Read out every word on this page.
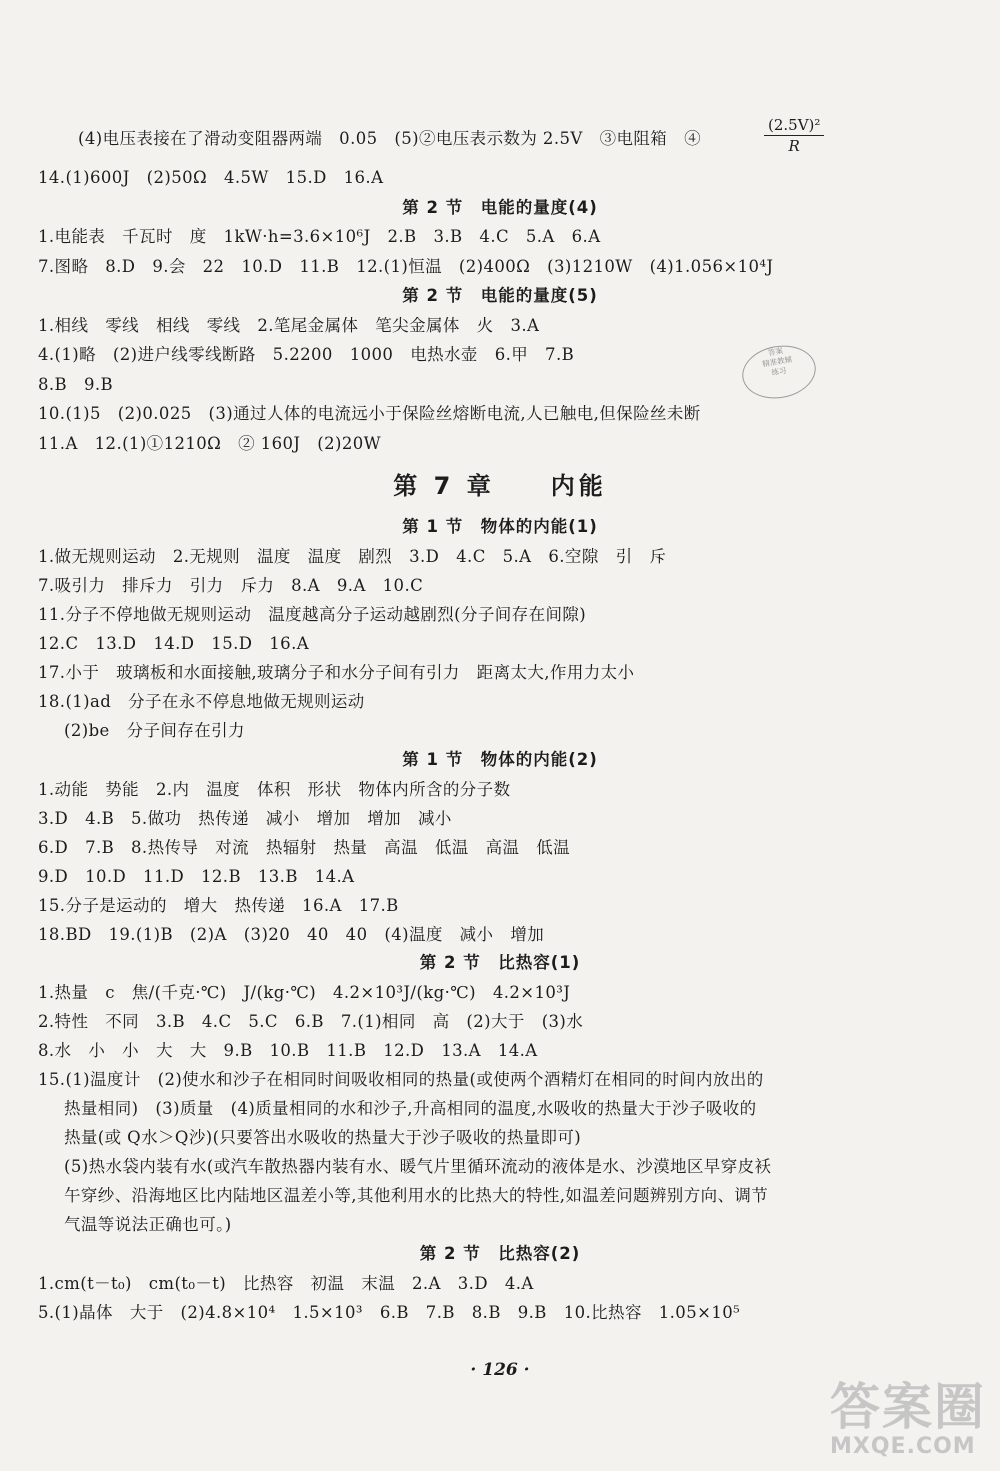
(4)电压表接在了滑动变阻器两端　0.05　(5)②电压表示数为 2.5V　③电阻箱　④	$\frac{\text{(2.5V)²}}{R}$
14.(1)600J　(2)50Ω　4.5W　15.D　16.A
第 2 节　电能的量度(4)
1.电能表　千瓦时　度　1kW·h=3.6×10⁶J　2.B　3.B　4.C　5.A　6.A
7.图略　8.D　9.会　22　10.D　11.B　12.(1)恒温　(2)400Ω　(3)1210W　(4)1.056×10⁴J
第 2 节　电能的量度(5)
1.相线　零线　相线　零线　2.笔尾金属体　笔尖金属体　火　3.A
4.(1)略　(2)进户线零线断路　5.2200　1000　电热水壶　6.甲　7.B
8.B　9.B
10.(1)5　(2)0.025　(3)通过人体的电流远小于保险丝熔断电流,人已触电,但保险丝未断
11.A　12.(1)①1210Ω　② 160J　(2)20W
第 7 章　　内能
第 1 节　物体的内能(1)
1.做无规则运动　2.无规则　温度　温度　剧烈　3.D　4.C　5.A　6.空隙　引　斥
7.吸引力　排斥力　引力　斥力　8.A　9.A　10.C
11.分子不停地做无规则运动　温度越高分子运动越剧烈(分子间存在间隙)
12.C　13.D　14.D　15.D　16.A
17.小于　玻璃板和水面接触,玻璃分子和水分子间有引力　距离太大,作用力太小
18.(1)ad　分子在永不停息地做无规则运动
(2)be　分子间存在引力
第 1 节　物体的内能(2)
1.动能　势能　2.内　温度　体积　形状　物体内所含的分子数
3.D　4.B　5.做功　热传递　减小　增加　增加　减小
6.D　7.B　8.热传导　对流　热辐射　热量　高温　低温　高温　低温
9.D　10.D　11.D　12.B　13.B　14.A
15.分子是运动的　增大　热传递　16.A　17.B
18.BD　19.(1)B　(2)A　(3)20　40　40　(4)温度　减小　增加
第 2 节　比热容(1)
1.热量　c　焦/(千克·℃)　J/(kg·℃)　4.2×10³J/(kg·℃)　4.2×10³J
2.特性　不同　3.B　4.C　5.C　6.B　7.(1)相同　高　(2)大于　(3)水
8.水　小　小　大　大　9.B　10.B　11.B　12.D　13.A　14.A
15.(1)温度计　(2)使水和沙子在相同时间吸收相同的热量(或使两个酒精灯在相同的时间内放出的
热量相同)　(3)质量　(4)质量相同的水和沙子,升高相同的温度,水吸收的热量大于沙子吸收的
热量(或 Q水＞Q沙)(只要答出水吸收的热量大于沙子吸收的热量即可)
(5)热水袋内装有水(或汽车散热器内装有水、暖气片里循环流动的液体是水、沙漠地区早穿皮袄
午穿纱、沿海地区比内陆地区温差小等,其他利用水的比热大的特性,如温差问题辨别方向、调节
气温等说法正确也可。)
第 2 节　比热容(2)
1.cm(t－t₀)　cm(t₀－t)　比热容　初温　末温　2.A　3.D　4.A
5.(1)晶体　大于　(2)4.8×10⁴　1.5×10³　6.B　7.B　8.B　9.B　10.比热容　1.05×10⁵
· 126 ·
答案
精准教辅
练习
答案圈
MXQE.COM
